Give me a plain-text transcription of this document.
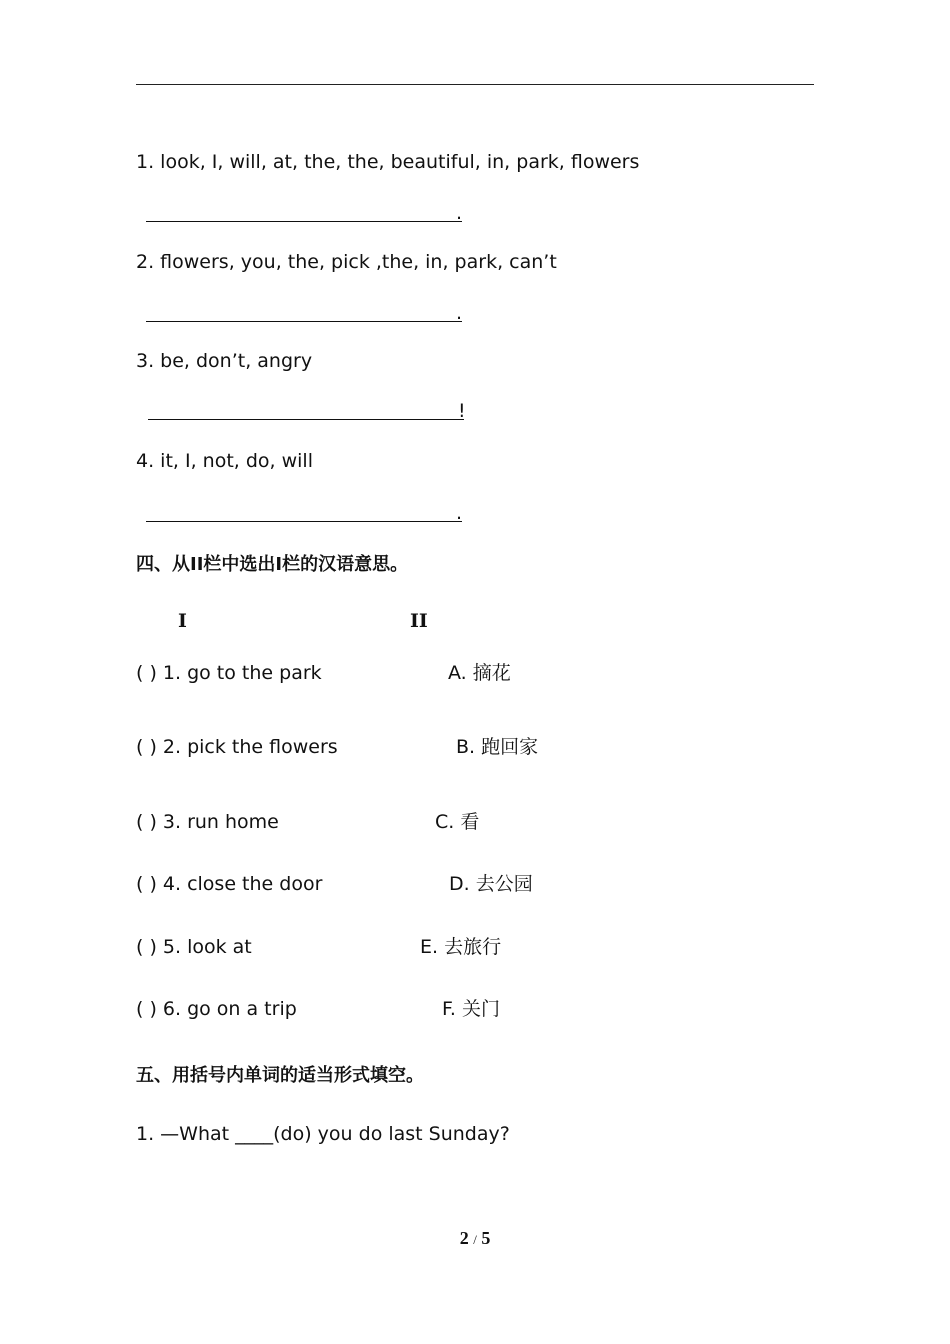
1. look, I, will, at, the, the, beautiful, in, park, flowers
.
2. flowers, you, the, pick ,the, in, park, can’t
.
3. be, don’t, angry
!
4. it, I, not, do, will
.
四、从II栏中选出I栏的汉语意思。
I	II
( ) 1. go to the park	A. 摘花
( ) 2. pick the flowers	B. 跑回家
( ) 3. run home	C. 看
( ) 4. close the door	D. 去公园
( ) 5. look at	E. 去旅行
( ) 6. go on a trip	F. 关门
五、用括号内单词的适当形式填空。
1. —What ____(do) you do last Sunday?
2 / 5
